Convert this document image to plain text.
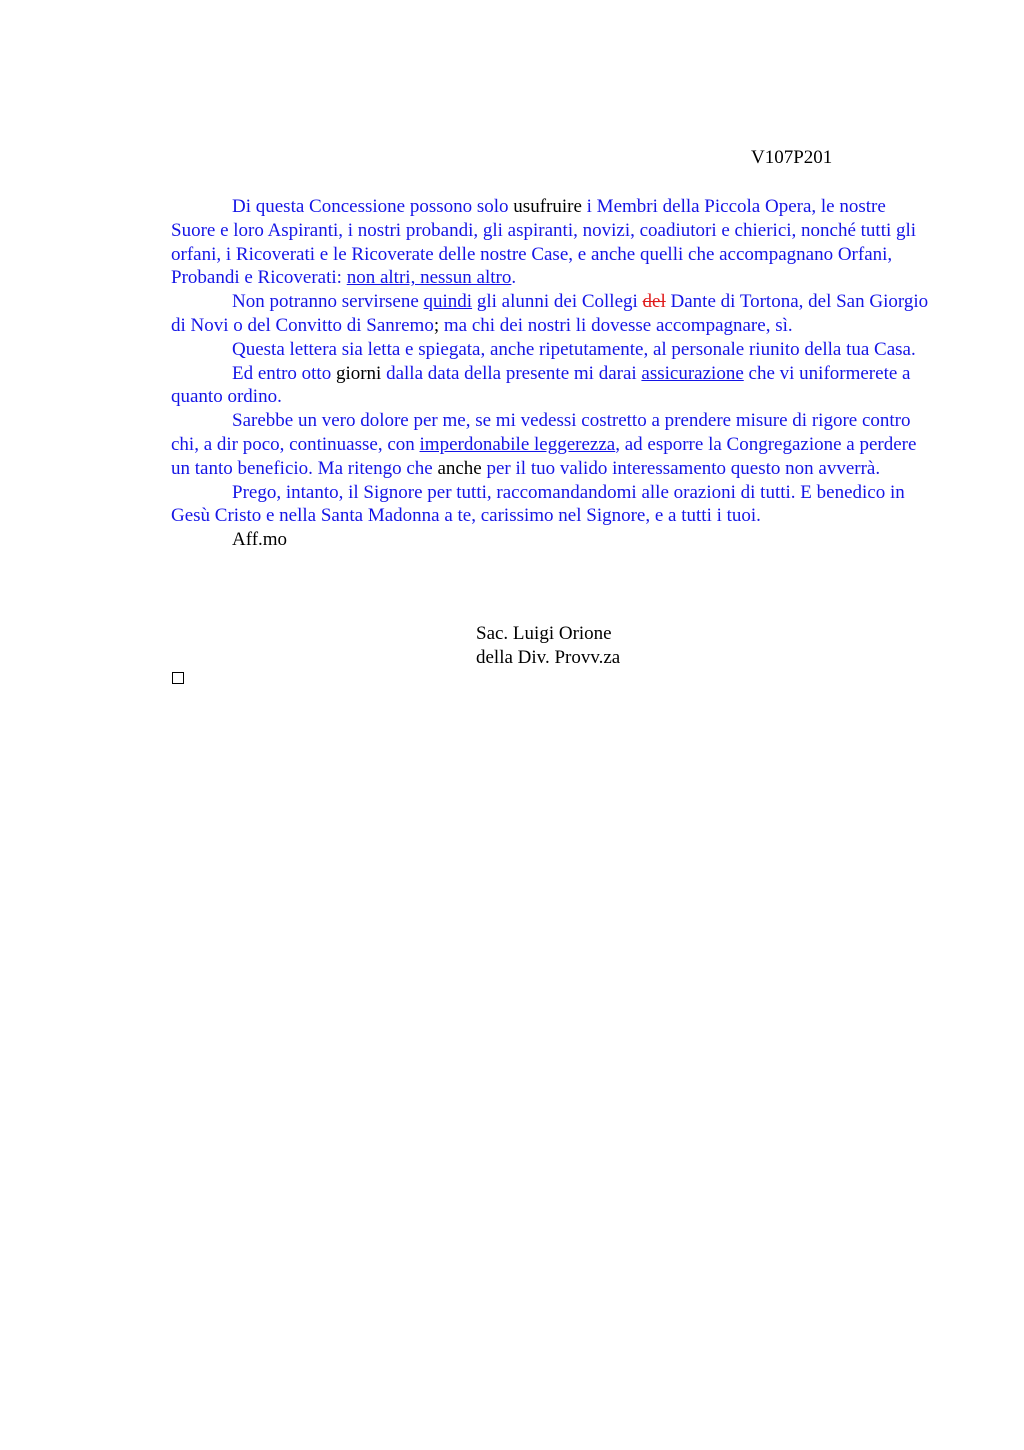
V107P201

Di questa Concessione possono solo usufruire i Membri della Piccola Opera, le nostre Suore e loro Aspiranti, i nostri probandi, gli aspiranti, novizi, coadiutori e chierici, nonché tutti gli orfani, i Ricoverati e le Ricoverate delle nostre Case, e anche quelli che accompagnano Orfani, Probandi e Ricoverati: non altri, nessun altro.

Non potranno servirsene quindi gli alunni dei Collegi del Dante di Tortona, del San Giorgio di Novi o del Convitto di Sanremo; ma chi dei nostri li dovesse accompagnare, sì.

Questa lettera sia letta e spiegata, anche ripetutamente, al personale riunito della tua Casa.

Ed entro otto giorni dalla data della presente mi darai assicurazione che vi uniformerete a quanto ordino.

Sarebbe un vero dolore per me, se mi vedessi costretto a prendere misure di rigore contro chi, a dir poco, continuasse, con imperdonabile leggerezza, ad esporre la Congregazione a perdere un tanto beneficio. Ma ritengo che anche per il tuo valido interessamento questo non avverrà.

Prego, intanto, il Signore per tutti, raccomandandomi alle orazioni di tutti. E benedico in Gesù Cristo e nella Santa Madonna a te, carissimo nel Signore, e a tutti i tuoi.

Aff.mo

Sac. Luigi Orione
della Div. Provv.za
